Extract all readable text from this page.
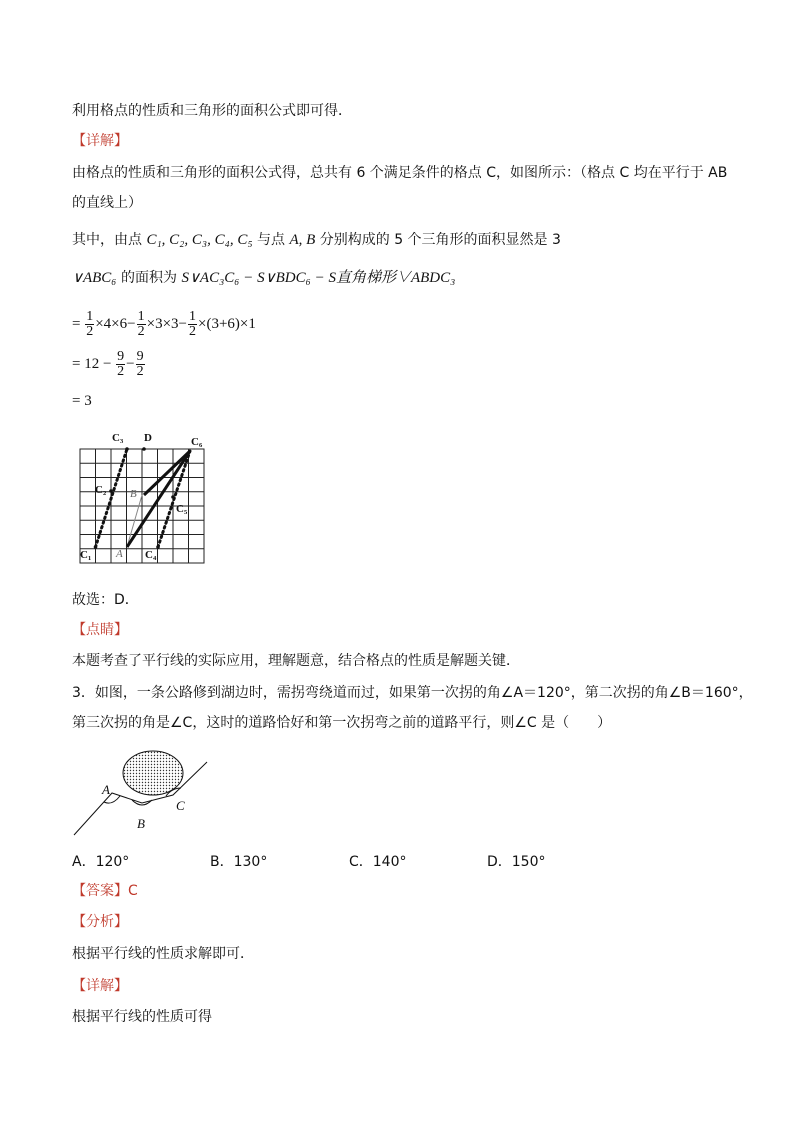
利用格点的性质和三角形的面积公式即可得．
【详解】
由格点的性质和三角形的面积公式得，总共有 6 个满足条件的格点 C，如图所示：（格点 C 均在平行于 AB
的直线上）
其中，由点 C₁, C₂, C₃, C₄, C₅ 与点 A, B 分别构成的 5 个三角形的面积显然是 3
∨ABC₆ 的面积为 S∨AC₃C₆ − S∨BDC₆ − S直角梯形∨ABDC₃
= $\frac{1}{2} \times 4\times 6- \frac{1}{2} \times 3\times 3- \frac{1}{2} \times(3+6)\times 1$
= $12 - \frac{9}{2} - \frac{9}{2}$
= 3
C₁
C₂
C₃ D	C₆
C₅
C₄
B
A
故选：D．
【点睛】
本题考查了平行线的实际应用，理解题意，结合格点的性质是解题关键．
3．如图，一条公路修到湖边时，需拐弯绕道而过，如果第一次拐的角∠A＝120°，第二次拐的角∠B＝160°，
第三次拐的角是∠C，这时的道路恰好和第一次拐弯之前的道路平行，则∠C 是（　　）
A
B
C
A．120°	B．130°	C．140°	D．150°
【答案】C
【分析】
根据平行线的性质求解即可．
【详解】
根据平行线的性质可得
